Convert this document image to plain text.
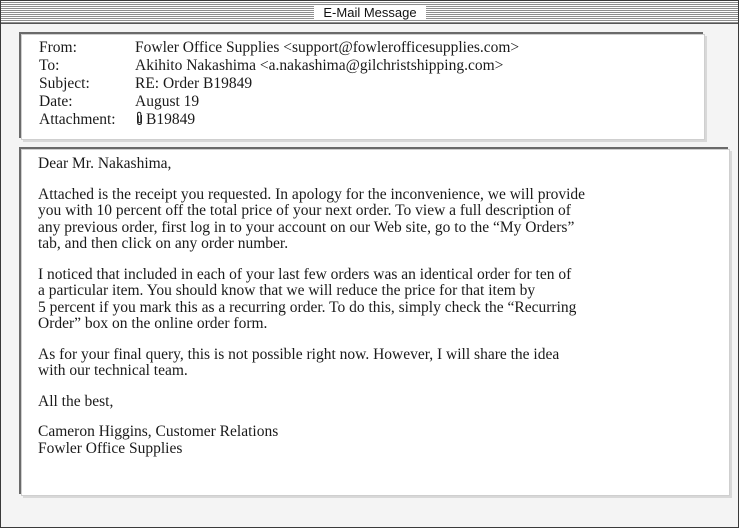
E-Mail Message
From:	Fowler Office Supplies <support@fowlerofficesupplies.com>
To:	Akihito Nakashima <a.nakashima@gilchristshipping.com>
Subject:	RE: Order B19849
Date:	August 19
Attachment:	B19849

Dear Mr. Nakashima,

Attached is the receipt you requested. In apology for the inconvenience, we will provide
you with 10 percent off the total price of your next order. To view a full description of
any previous order, first log in to your account on our Web site, go to the “My Orders”
tab, and then click on any order number.

I noticed that included in each of your last few orders was an identical order for ten of
a particular item. You should know that we will reduce the price for that item by
5 percent if you mark this as a recurring order. To do this, simply check the “Recurring
Order” box on the online order form.

As for your final query, this is not possible right now. However, I will share the idea
with our technical team.

All the best,

Cameron Higgins, Customer Relations
Fowler Office Supplies
